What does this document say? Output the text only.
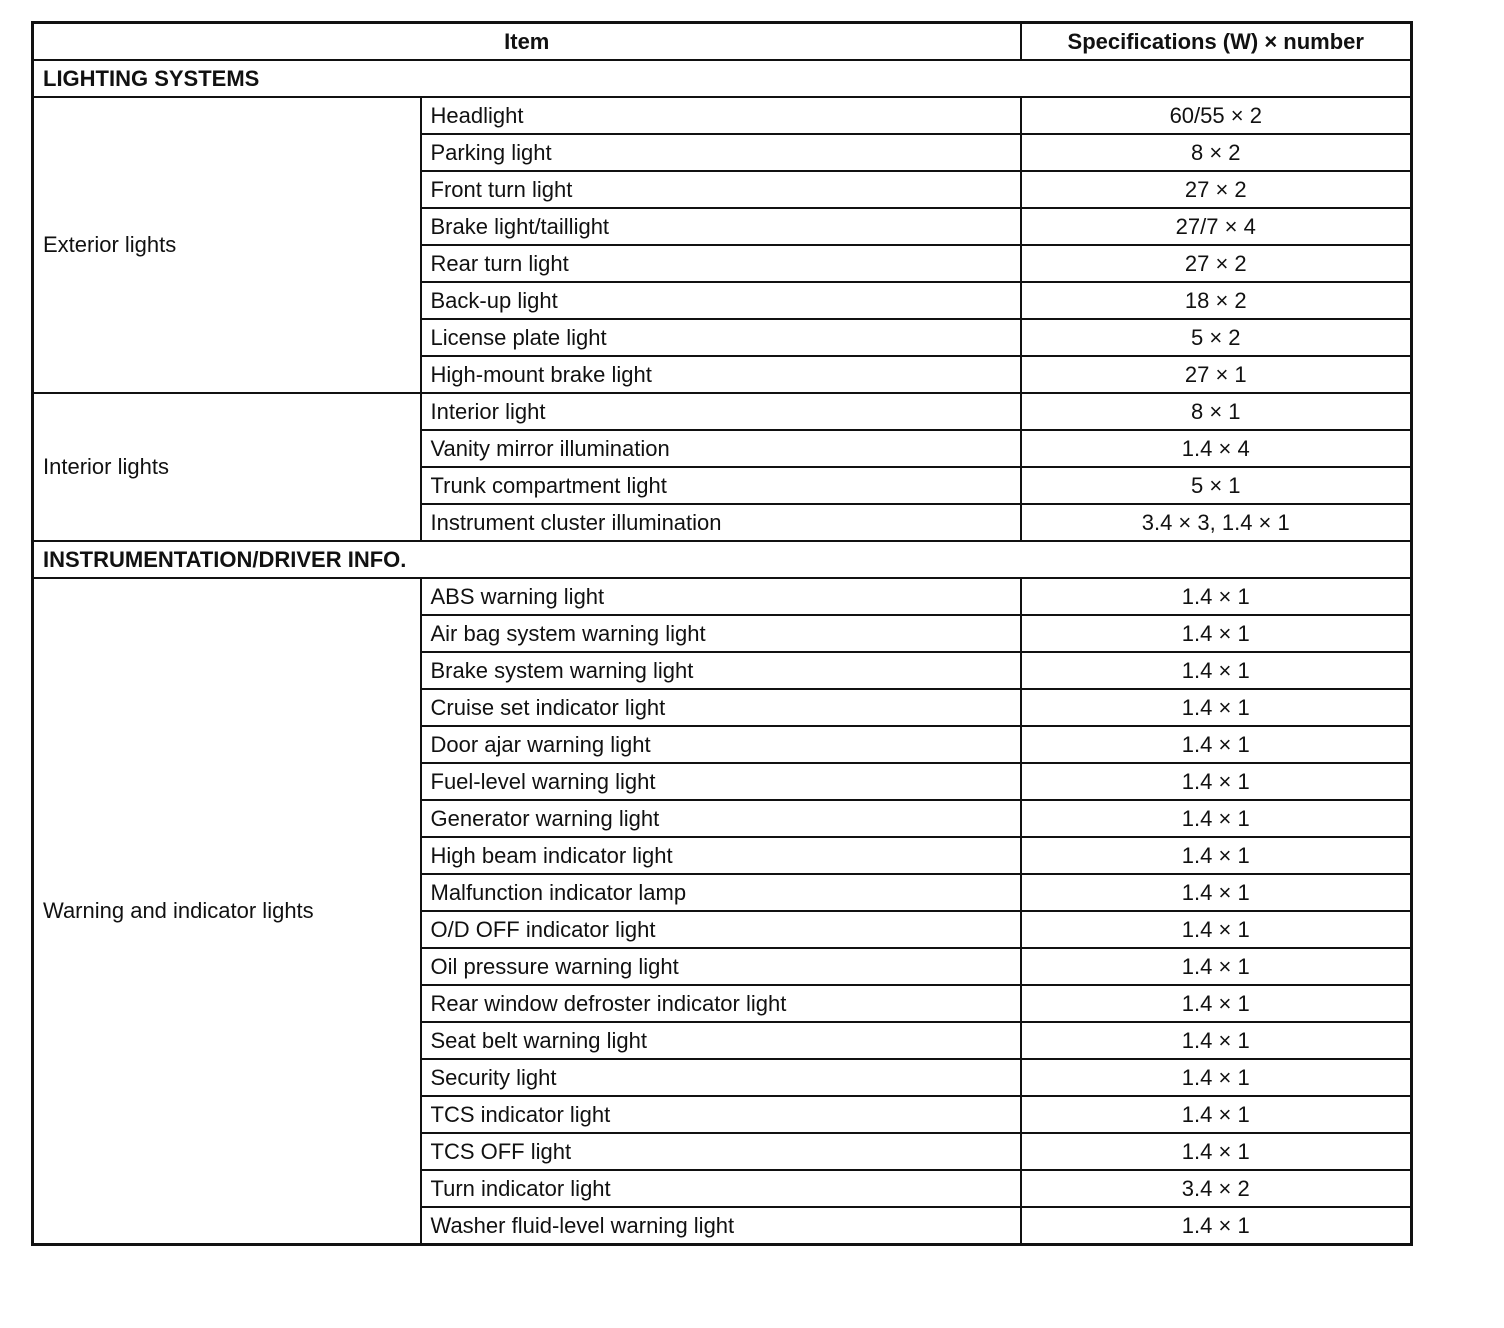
Item		Specifications (W) × number
LIGHTING SYSTEMS		
Exterior lights	Headlight	60/55 × 2
	Parking light	8 × 2
	Front turn light	27 × 2
	Brake light/taillight	27/7 × 4
	Rear turn light	27 × 2
	Back-up light	18 × 2
	License plate light	5 × 2
	High-mount brake light	27 × 1
Interior lights	Interior light	8 × 1
	Vanity mirror illumination	1.4 × 4
	Trunk compartment light	5 × 1
	Instrument cluster illumination	3.4 × 3, 1.4 × 1
INSTRUMENTATION/DRIVER INFO.		
Warning and indicator lights	ABS warning light	1.4 × 1
	Air bag system warning light	1.4 × 1
	Brake system warning light	1.4 × 1
	Cruise set indicator light	1.4 × 1
	Door ajar warning light	1.4 × 1
	Fuel-level warning light	1.4 × 1
	Generator warning light	1.4 × 1
	High beam indicator light	1.4 × 1
	Malfunction indicator lamp	1.4 × 1
	O/D OFF indicator light	1.4 × 1
	Oil pressure warning light	1.4 × 1
	Rear window defroster indicator light	1.4 × 1
	Seat belt warning light	1.4 × 1
	Security light	1.4 × 1
	TCS indicator light	1.4 × 1
	TCS OFF light	1.4 × 1
	Turn indicator light	3.4 × 2
	Washer fluid-level warning light	1.4 × 1
